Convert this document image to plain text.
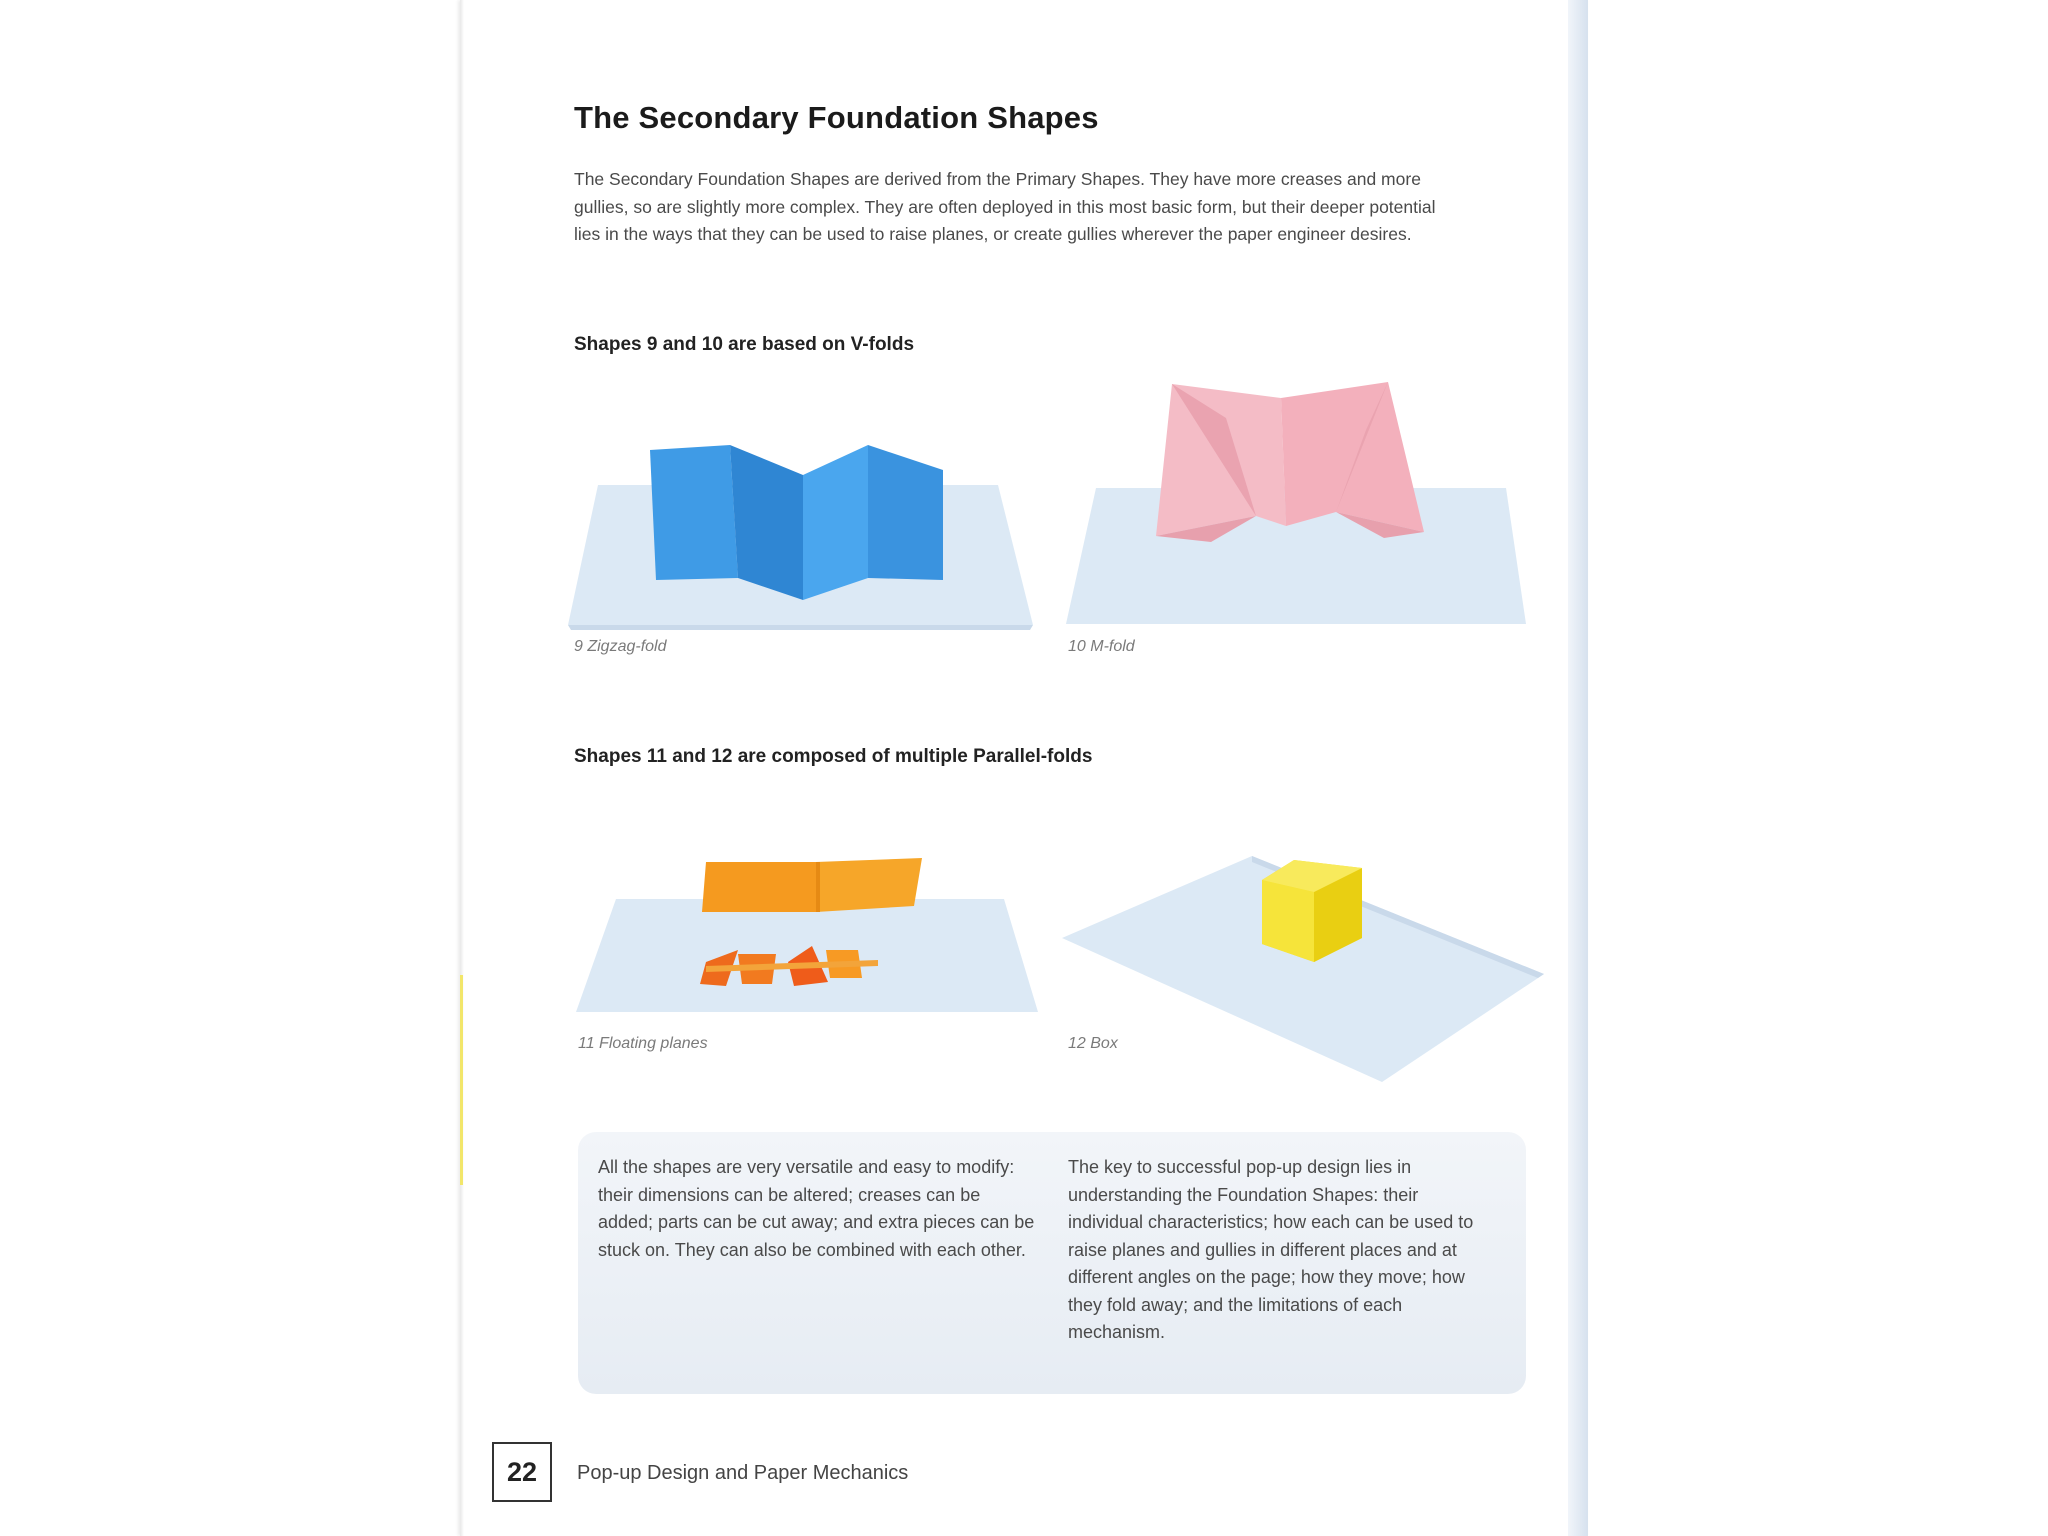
The Secondary Foundation Shapes
The Secondary Foundation Shapes are derived from the Primary Shapes. They have more creases and more gullies, so are slightly more complex. They are often deployed in this most basic form, but their deeper potential lies in the ways that they can be used to raise planes, or create gullies wherever the paper engineer desires.
Shapes 9 and 10 are based on V-folds
9 Zigzag-fold	10 M-fold
Shapes 11 and 12 are composed of multiple Parallel-folds
11 Floating planes	12 Box
All the shapes are very versatile and easy to modify: their dimensions can be altered; creases can be added; parts can be cut away; and extra pieces can be stuck on. They can also be combined with each other.
The key to successful pop-up design lies in understanding the Foundation Shapes: their individual characteristics; how each can be used to raise planes and gullies in different places and at different angles on the page; how they move; how they fold away; and the limitations of each mechanism.
22	Pop-up Design and Paper Mechanics
